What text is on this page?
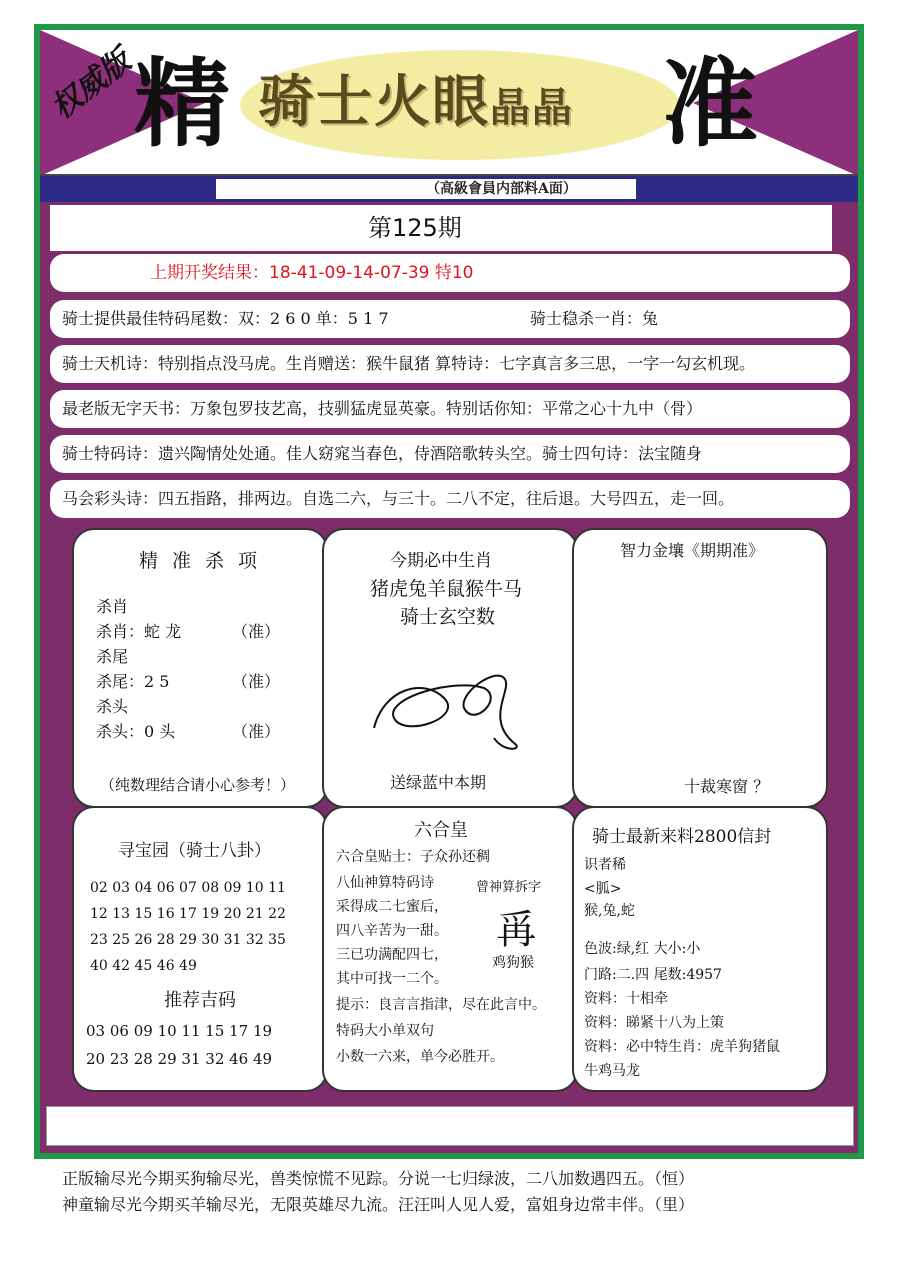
权威版
精 骑士火眼晶晶 准
（高級會員内部料A面）
第125期
上期开奖结果：18-41-09-14-07-39 特10
骑士提供最佳特码尾数：双：2 6 0 单：5 1 7	骑士稳杀一肖：兔
骑士天机诗：特别指点没马虎。生肖赠送：猴牛鼠猪 算特诗：七字真言多三思，一字一勾玄机现。
最老版无字天书：万象包罗技艺高，技驯猛虎显英豪。特别话你知：平常之心十九中（骨）
骑士特码诗：遗兴陶情处处通。佳人窈窕当春色，侍酒陪歌转头空。骑士四句诗：法宝随身
马会彩头诗：四五指路，排两边。自选二六，与三十。二八不定，往后退。大号四五，走一回。
精 准 杀 项
杀肖
杀肖：蛇 龙	（准）
杀尾
杀尾：2 5	（准）
杀头
杀头：0 头	（准）
（纯数理结合请小心参考！）
今期必中生肖
猪虎兔羊鼠猴牛马
骑士玄空数
送绿蓝中本期
智力金壤《期期准》
十裁寒窗 ？
寻宝园（骑士八卦）
02 03 04 06 07 08 09 10 11
12 13 15 16 17 19 20 21 22
23 25 26 28 29 30 31 32 35
40 42 45 46 49
推荐吉码
03 06 09 10 11 15 17 19
20 23 28 29 31 32 46 49
六合皇
六合皇贴士：子众孙还稠
八仙神算特码诗
采得成二七蜜后，
四八辛苦为一甜。
三已功满配四七，
其中可找一二个。
曾神算拆字
爯
鸡狗猴
提示：良言言指津，尽在此言中。
特码大小单双句
小数一六来，单今必胜开。
骑士最新来料2800信封
识者稀
<胍>
猴,兔,蛇
色波:绿,红 大小:小
门路:二.四 尾数:4957
资料：十相牵
资料：睇紧十八为上策
资料：必中特生肖：虎羊狗猪鼠
牛鸡马龙
正版输尽光今期买狗输尽光，兽类惊慌不见踪。分说一七归绿波，二八加数遇四五。（恒）
神童输尽光今期买羊输尽光，无限英雄尽九流。汪汪叫人见人爱，富姐身边常丰伴。（里）
